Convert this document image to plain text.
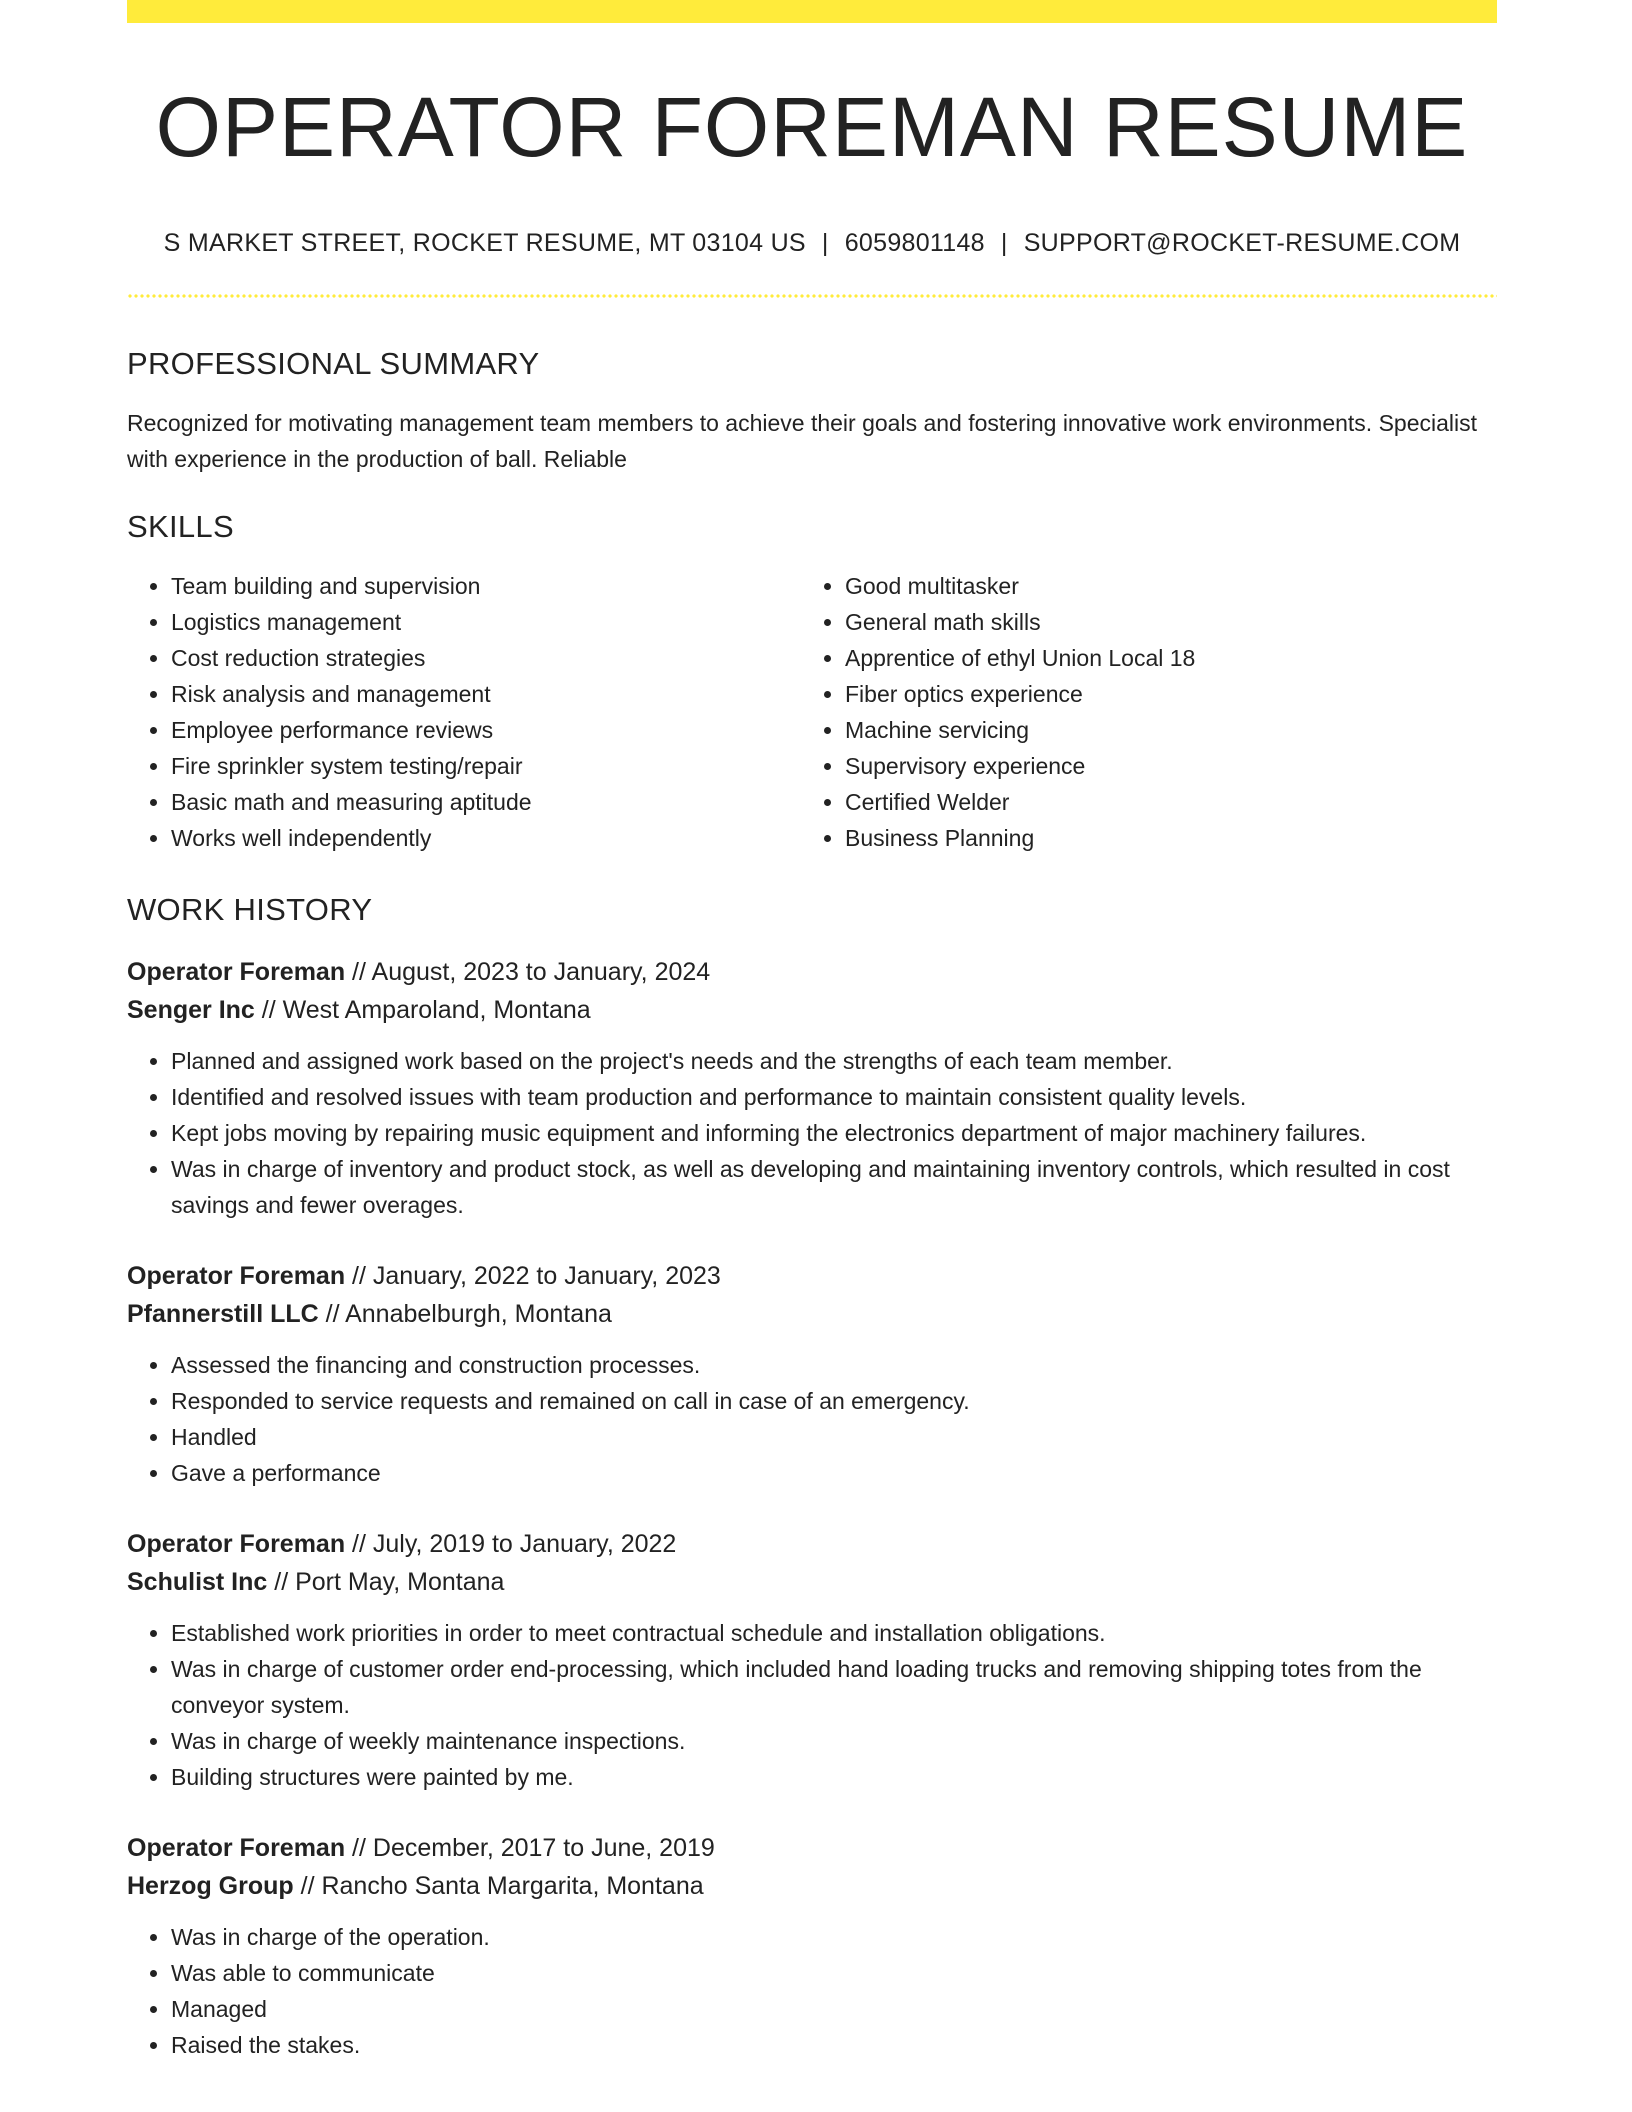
OPERATOR FOREMAN RESUME
S MARKET STREET, ROCKET RESUME, MT 03104 US | 6059801148 | SUPPORT@ROCKET-RESUME.COM
PROFESSIONAL SUMMARY
Recognized for motivating management team members to achieve their goals and fostering innovative work environments. Specialist with experience in the production of ball. Reliable
SKILLS
• Team building and supervision
• Logistics management
• Cost reduction strategies
• Risk analysis and management
• Employee performance reviews
• Fire sprinkler system testing/repair
• Basic math and measuring aptitude
• Works well independently
• Good multitasker
• General math skills
• Apprentice of ethyl Union Local 18
• Fiber optics experience
• Machine servicing
• Supervisory experience
• Certified Welder
• Business Planning
WORK HISTORY
Operator Foreman // August, 2023 to January, 2024
Senger Inc // West Amparoland, Montana
• Planned and assigned work based on the project's needs and the strengths of each team member.
• Identified and resolved issues with team production and performance to maintain consistent quality levels.
• Kept jobs moving by repairing music equipment and informing the electronics department of major machinery failures.
• Was in charge of inventory and product stock, as well as developing and maintaining inventory controls, which resulted in cost savings and fewer overages.
Operator Foreman // January, 2022 to January, 2023
Pfannerstill LLC // Annabelburgh, Montana
• Assessed the financing and construction processes.
• Responded to service requests and remained on call in case of an emergency.
• Handled
• Gave a performance
Operator Foreman // July, 2019 to January, 2022
Schulist Inc // Port May, Montana
• Established work priorities in order to meet contractual schedule and installation obligations.
• Was in charge of customer order end-processing, which included hand loading trucks and removing shipping totes from the conveyor system.
• Was in charge of weekly maintenance inspections.
• Building structures were painted by me.
Operator Foreman // December, 2017 to June, 2019
Herzog Group // Rancho Santa Margarita, Montana
• Was in charge of the operation.
• Was able to communicate
• Managed
• Raised the stakes.
